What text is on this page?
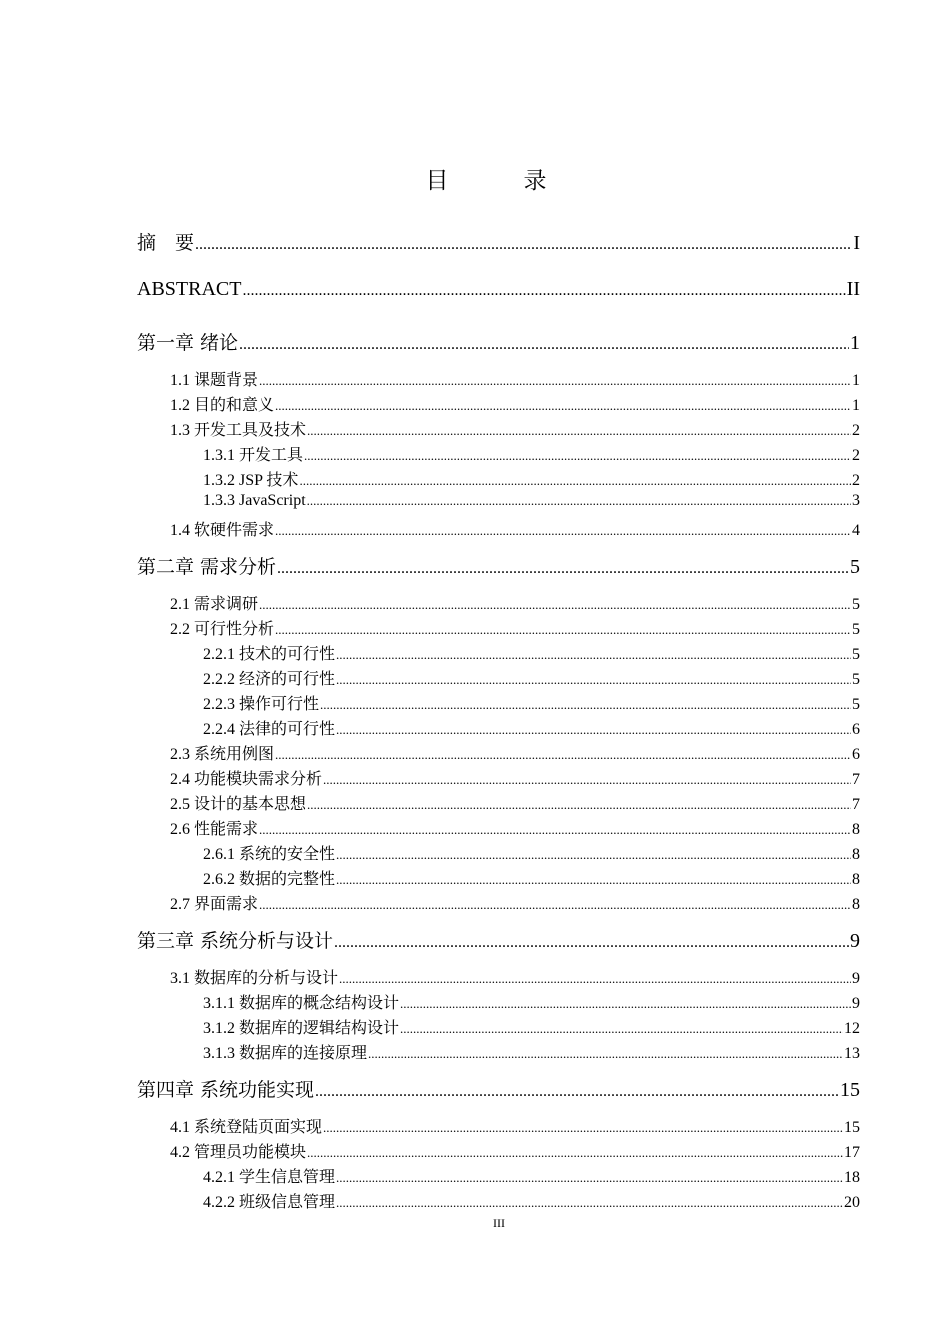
目　录
摘　要 .....	I
ABSTRACT .....	II
第一章 绪论 .....	1
1.1 课题背景 .....	1
1.2 目的和意义 .....	1
1.3 开发工具及技术 .....	2
1.3.1 开发工具 .....	2
1.3.2 JSP 技术 .....	2
1.3.3 JavaScript .....	3
1.4 软硬件需求 .....	4
第二章 需求分析 .....	5
2.1 需求调研 .....	5
2.2 可行性分析 .....	5
2.2.1 技术的可行性 .....	5
2.2.2 经济的可行性 .....	5
2.2.3 操作可行性 .....	5
2.2.4 法律的可行性 .....	6
2.3 系统用例图 .....	6
2.4 功能模块需求分析 .....	7
2.5 设计的基本思想 .....	7
2.6 性能需求 .....	8
2.6.1 系统的安全性 .....	8
2.6.2 数据的完整性 .....	8
2.7 界面需求 .....	8
第三章 系统分析与设计 .....	9
3.1 数据库的分析与设计 .....	9
3.1.1 数据库的概念结构设计 .....	9
3.1.2 数据库的逻辑结构设计 .....	12
3.1.3 数据库的连接原理 .....	13
第四章 系统功能实现 .....	15
4.1 系统登陆页面实现 .....	15
4.2 管理员功能模块 .....	17
4.2.1 学生信息管理 .....	18
4.2.2 班级信息管理 .....	20
III
